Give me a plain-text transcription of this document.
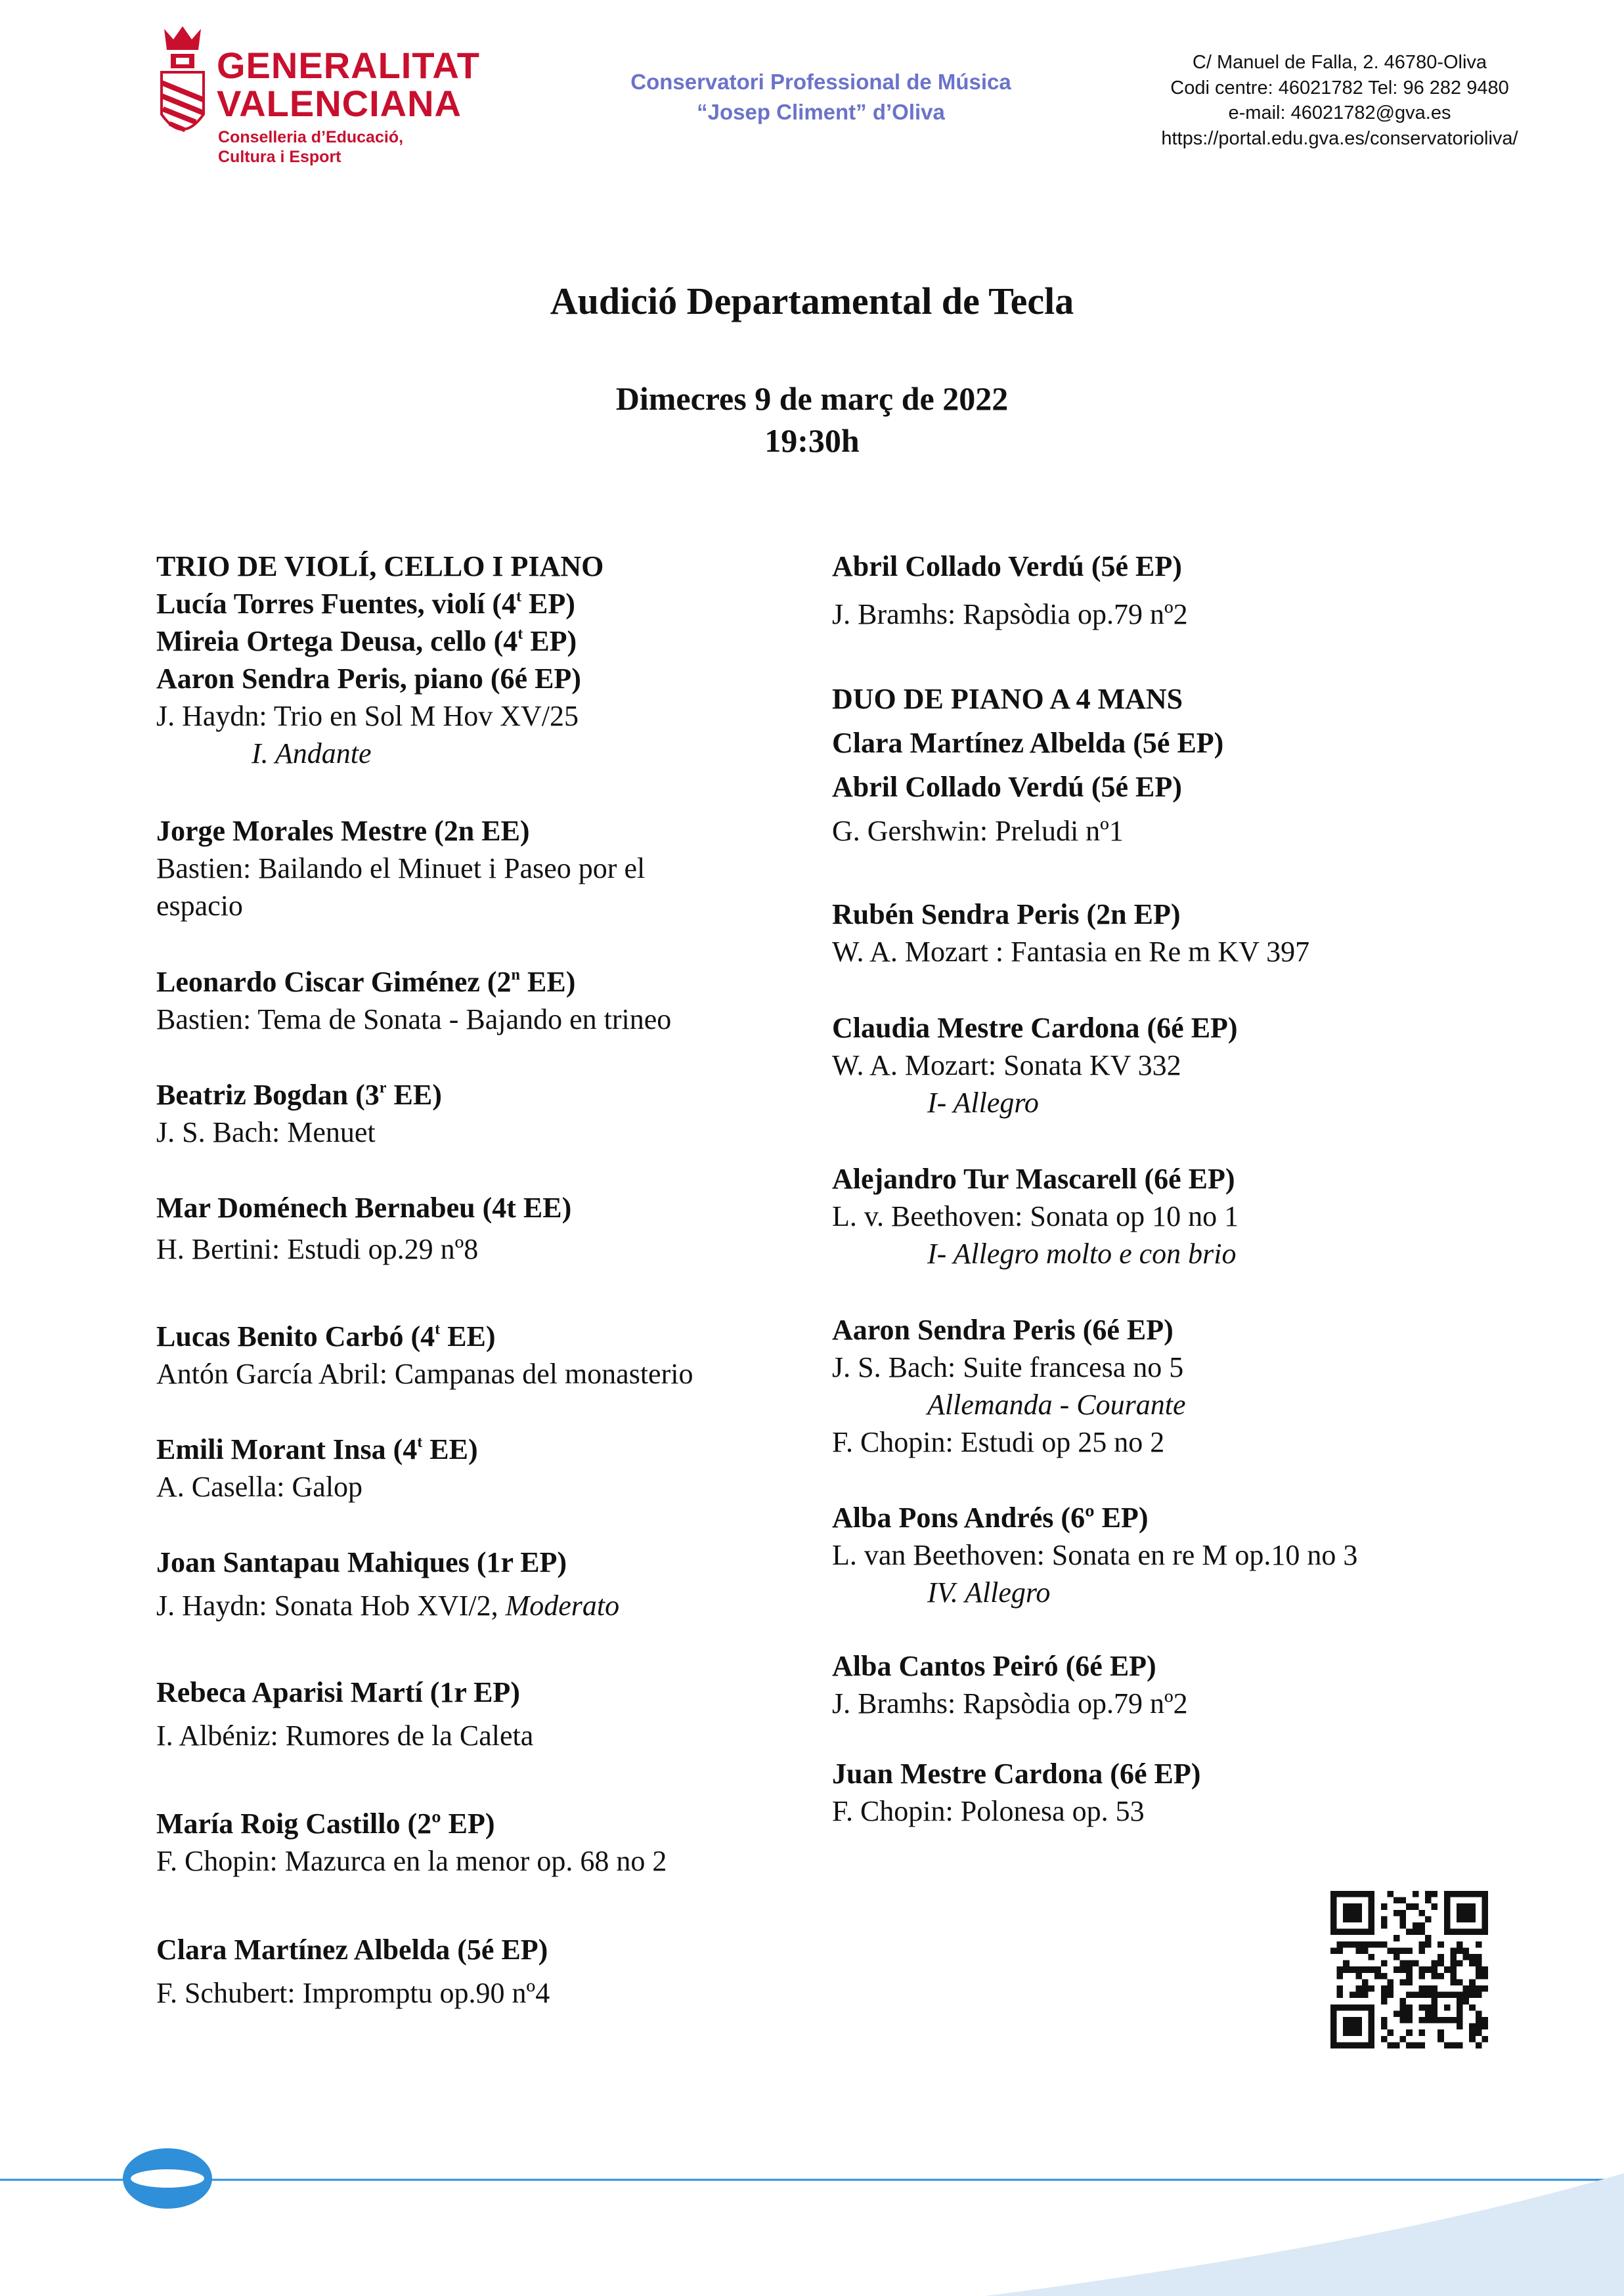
GENERALITAT
VALENCIANA
Conselleria d’Educació,
Cultura i Esport
Conservatori Professional de Música
“Josep Climent” d’Oliva
C/ Manuel de Falla, 2. 46780-Oliva
Codi centre: 46021782 Tel: 96 282 9480
e-mail: 46021782@gva.es
https://portal.edu.gva.es/conservatorioliva/
Audició Departamental de Tecla
Dimecres 9 de març de 2022
19:30h
TRIO DE VIOLÍ, CELLO I PIANO
Lucía Torres Fuentes, violí (4$^t$ EP)
Mireia Ortega Deusa, cello (4$^t$ EP)
Aaron Sendra Peris, piano (6é EP)
J. Haydn: Trio en Sol M Hov XV/25
I. Andante
Jorge Morales Mestre (2n EE)
Bastien: Bailando el Minuet i Paseo por el
espacio
Leonardo Ciscar Giménez (2$^n$ EE)
Bastien: Tema de Sonata - Bajando en trineo
Beatriz Bogdan (3$^r$ EE)
J. S. Bach: Menuet
Mar Doménech Bernabeu (4t EE)
H. Bertini: Estudi op.29 nº8
Lucas Benito Carbó (4$^t$ EE)
Antón García Abril: Campanas del monasterio
Emili Morant Insa (4$^t$ EE)
A. Casella: Galop
Joan Santapau Mahiques (1r EP)
J. Haydn: Sonata Hob XVI/2, Moderato
Rebeca Aparisi Martí (1r EP)
I. Albéniz: Rumores de la Caleta
María Roig Castillo (2º EP)
F. Chopin: Mazurca en la menor op. 68 no 2
Clara Martínez Albelda (5é EP)
F. Schubert: Impromptu op.90 nº4
Abril Collado Verdú (5é EP)
J. Bramhs: Rapsòdia op.79 nº2
DUO DE PIANO A 4 MANS
Clara Martínez Albelda (5é EP)
Abril Collado Verdú (5é EP)
G. Gershwin: Preludi nº1
Rubén Sendra Peris (2n EP)
W. A. Mozart : Fantasia en Re m KV 397
Claudia Mestre Cardona (6é EP)
W. A. Mozart: Sonata KV 332
I- Allegro
Alejandro Tur Mascarell (6é EP)
L. v. Beethoven: Sonata op 10 no 1
I- Allegro molto e con brio
Aaron Sendra Peris (6é EP)
J. S. Bach: Suite francesa no 5
Allemanda - Courante
F. Chopin: Estudi op 25 no 2
Alba Pons Andrés (6º EP)
L. van Beethoven: Sonata en re M op.10 no 3
IV. Allegro
Alba Cantos Peiró (6é EP)
J. Bramhs: Rapsòdia op.79 nº2
Juan Mestre Cardona (6é EP)
F. Chopin: Polonesa op. 53
